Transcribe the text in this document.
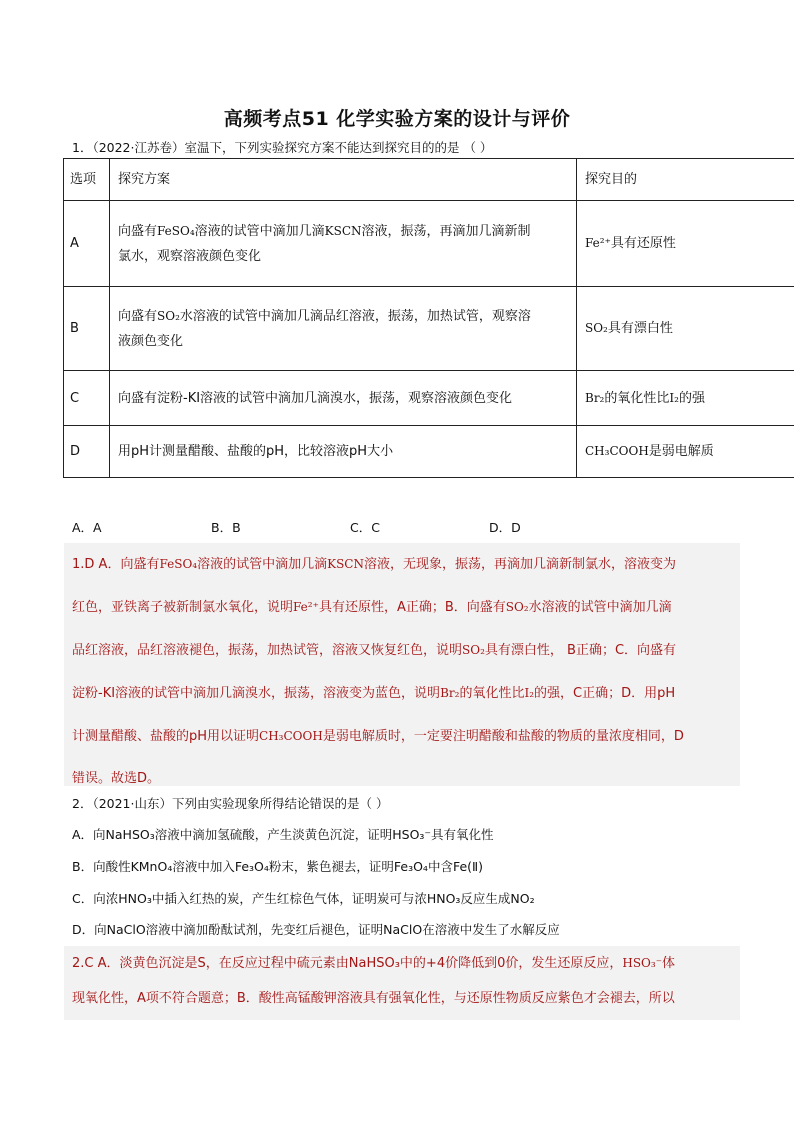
高频考点51 化学实验方案的设计与评价
1．（2022·江苏卷）室温下，下列实验探究方案不能达到探究目的的是 （ ）
选项	探究方案	探究目的
A	向盛有FeSO₄溶液的试管中滴加几滴KSCN溶液，振荡，再滴加几滴新制
氯水，观察溶液颜色变化	Fe²⁺具有还原性
B	向盛有SO₂水溶液的试管中滴加几滴品红溶液，振荡，加热试管，观察溶
液颜色变化	SO₂具有漂白性
C	向盛有淀粉-KI溶液的试管中滴加几滴溴水，振荡，观察溶液颜色变化	Br₂的氧化性比I₂的强
D	用pH计测量醋酸、盐酸的pH，比较溶液pH大小	CH₃COOH是弱电解质
A．A	B．B	C．C	D．D
1.D A．向盛有FeSO₄溶液的试管中滴加几滴KSCN溶液，无现象，振荡，再滴加几滴新制氯水，溶液变为
红色，亚铁离子被新制氯水氧化，说明Fe²⁺具有还原性，A正确；B．向盛有SO₂水溶液的试管中滴加几滴
品红溶液，品红溶液褪色，振荡，加热试管，溶液又恢复红色，说明SO₂具有漂白性， B正确；C．向盛有
淀粉-KI溶液的试管中滴加几滴溴水，振荡，溶液变为蓝色，说明Br₂的氧化性比I₂的强，C正确；D．用pH
计测量醋酸、盐酸的pH用以证明CH₃COOH是弱电解质时，一定要注明醋酸和盐酸的物质的量浓度相同，D
错误。故选D。
2．（2021·山东）下列由实验现象所得结论错误的是（ ）
A．向NaHSO₃溶液中滴加氢硫酸，产生淡黄色沉淀，证明HSO₃⁻具有氧化性
B．向酸性KMnO₄溶液中加入Fe₃O₄粉末，紫色褪去，证明Fe₃O₄中含Fe(Ⅱ)
C．向浓HNO₃中插入红热的炭，产生红棕色气体，证明炭可与浓HNO₃反应生成NO₂
D．向NaClO溶液中滴加酚酞试剂，先变红后褪色，证明NaClO在溶液中发生了水解反应
2.C A．淡黄色沉淀是S，在反应过程中硫元素由NaHSO₃中的+4价降低到0价，发生还原反应，HSO₃⁻体
现氧化性，A项不符合题意；B．酸性高锰酸钾溶液具有强氧化性，与还原性物质反应紫色才会褪去，所以
